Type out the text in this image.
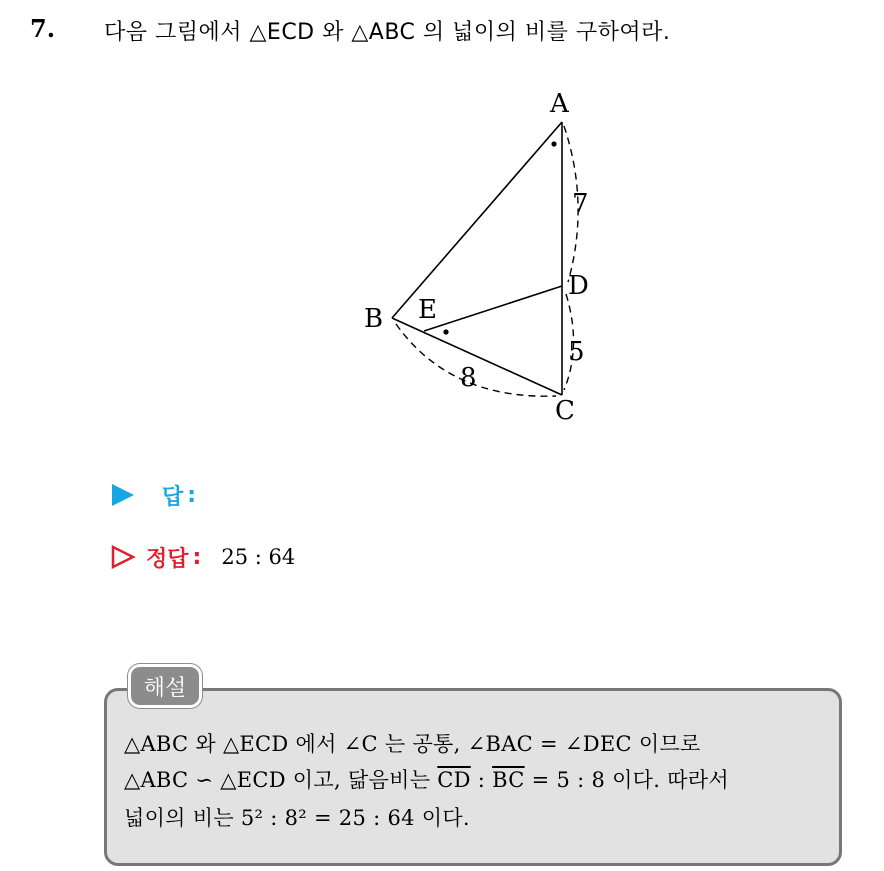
7. 다음 그림에서 △ECD 와 △ABC 의 넓이의 비를 구하여라.
A
B
C
D
E
7
5
8
답 :
정답 : 25 : 64
해설
△ABC 와 △ECD 에서 ∠C 는 공통, ∠BAC = ∠DEC 이므로
△ABC ∽ △ECD 이고, 닮음비는 $\overline{CD}$ : $\overline{BC} = 5$ : 8 이다. 따라서
넓이의 비는 5² : 8² = 25 : 64 이다.
